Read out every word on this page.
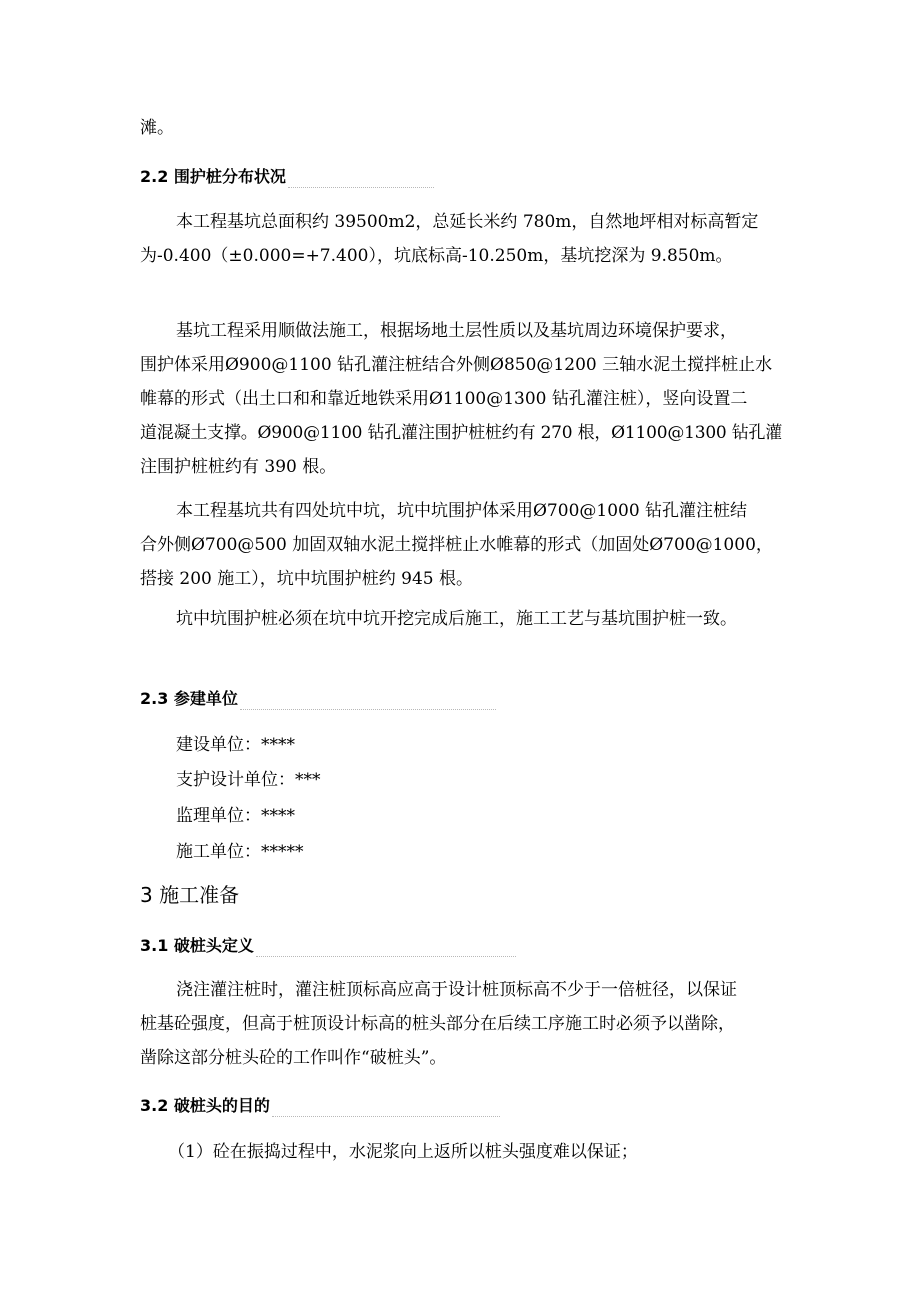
滩。

2.2 围护桩分布状况

本工程基坑总面积约 39500m2，总延长米约 780m，自然地坪相对标高暂定

为-0.400（±0.000=+7.400），坑底标高-10.250m，基坑挖深为 9.850m。

基坑工程采用顺做法施工，根据场地土层性质以及基坑周边环境保护要求，

围护体采用Ø900@1100 钻孔灌注桩结合外侧Ø850@1200 三轴水泥土搅拌桩止水

帷幕的形式（出土口和和靠近地铁采用Ø1100@1300 钻孔灌注桩），竖向设置二

道混凝土支撑。Ø900@1100 钻孔灌注围护桩桩约有 270 根，Ø1100@1300 钻孔灌

注围护桩桩约有 390 根。

本工程基坑共有四处坑中坑，坑中坑围护体采用Ø700@1000 钻孔灌注桩结

合外侧Ø700@500 加固双轴水泥土搅拌桩止水帷幕的形式（加固处Ø700@1000，

搭接 200 施工），坑中坑围护桩约 945 根。

坑中坑围护桩必须在坑中坑开挖完成后施工，施工工艺与基坑围护桩一致。

2.3 参建单位

建设单位：****

支护设计单位：***

监理单位：****

施工单位：*****

3 施工准备

3.1 破桩头定义

浇注灌注桩时，灌注桩顶标高应高于设计桩顶标高不少于一倍桩径，以保证

桩基砼强度，但高于桩顶设计标高的桩头部分在后续工序施工时必须予以凿除，

凿除这部分桩头砼的工作叫作“破桩头”。

3.2 破桩头的目的

（1）砼在振捣过程中，水泥浆向上返所以桩头强度难以保证；
